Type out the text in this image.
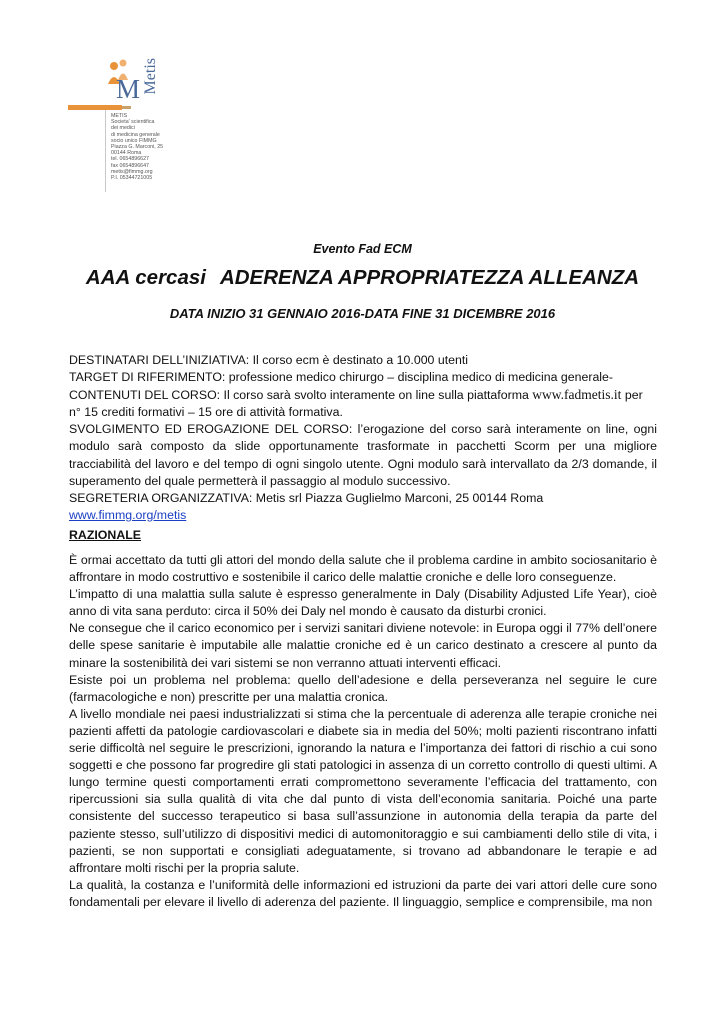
M Metis
METIS
Societa' scientifica
dei medici
di medicina generale
socio unico FIMMG
Piazza G. Marconi, 25
00144 Roma
tel. 0654896627
fax 0654896647
metis@fimmg.org
P.I. 05344721005
Evento Fad ECM
AAA cercasi ADERENZA APPROPRIATEZZA ALLEANZA
DATA INIZIO 31 GENNAIO 2016-DATA FINE 31 DICEMBRE 2016

DESTINATARI DELL’INIZIATIVA: Il corso ecm è destinato a 10.000 utenti

TARGET DI RIFERIMENTO: professione medico chirurgo – disciplina medico di medicina generale-

CONTENUTI DEL CORSO: Il corso sarà svolto interamente on line sulla piattaforma www.fadmetis.it per n° 15 crediti formativi – 15 ore di attività formativa.

SVOLGIMENTO ED EROGAZIONE DEL CORSO: l’erogazione del corso sarà interamente on line, ogni modulo sarà composto da slide opportunamente trasformate in pacchetti Scorm per una migliore tracciabilità del lavoro e del tempo di ogni singolo utente. Ogni modulo sarà intervallato da 2/3 domande, il superamento del quale permetterà il passaggio al modulo successivo.

SEGRETERIA ORGANIZZATIVA: Metis srl Piazza Guglielmo Marconi, 25 00144 Roma www.fimmg.org/metis

RAZIONALE

È ormai accettato da tutti gli attori del mondo della salute che il problema cardine in ambito sociosanitario è affrontare in modo costruttivo e sostenibile il carico delle malattie croniche e delle loro conseguenze.

L’impatto di una malattia sulla salute è espresso generalmente in Daly (Disability Adjusted Life Year), cioè anno di vita sana perduto: circa il 50% dei Daly nel mondo è causato da disturbi cronici.

Ne consegue che il carico economico per i servizi sanitari diviene notevole: in Europa oggi il 77% dell’onere delle spese sanitarie è imputabile alle malattie croniche ed è un carico destinato a crescere al punto da minare la sostenibilità dei vari sistemi se non verranno attuati interventi efficaci.

Esiste poi un problema nel problema: quello dell’adesione e della perseveranza nel seguire le cure (farmacologiche e non) prescritte per una malattia cronica.

A livello mondiale nei paesi industrializzati si stima che la percentuale di aderenza alle terapie croniche nei pazienti affetti da patologie cardiovascolari e diabete sia in media del 50%; molti pazienti riscontrano infatti serie difficoltà nel seguire le prescrizioni, ignorando la natura e l’importanza dei fattori di rischio a cui sono soggetti e che possono far progredire gli stati patologici in assenza di un corretto controllo di questi ultimi. A lungo termine questi comportamenti errati compromettono severamente l’efficacia del trattamento, con ripercussioni sia sulla qualità di vita che dal punto di vista dell’economia sanitaria. Poiché una parte consistente del successo terapeutico si basa sull’assunzione in autonomia della terapia da parte del paziente stesso, sull’utilizzo di dispositivi medici di automonitoraggio e sui cambiamenti dello stile di vita, i pazienti, se non supportati e consigliati adeguatamente, si trovano ad abbandonare le terapie e ad affrontare molti rischi per la propria salute.

La qualità, la costanza e l’uniformità delle informazioni ed istruzioni da parte dei vari attori delle cure sono fondamentali per elevare il livello di aderenza del paziente. Il linguaggio, semplice e comprensibile, ma non
